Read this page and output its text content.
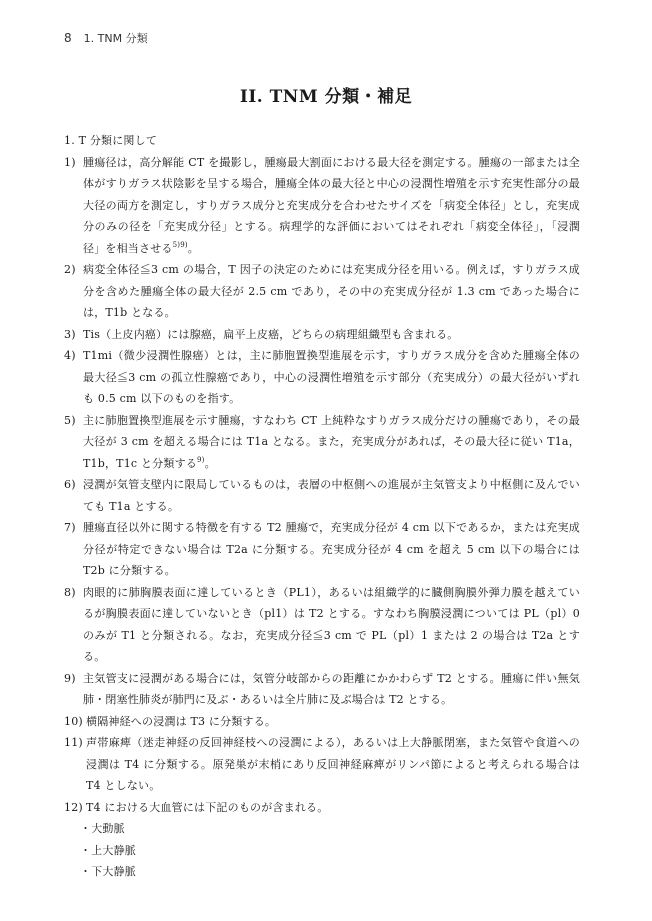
8 1. TNM 分類
II. TNM 分類・補足

1. T 分類に関して

1) 腫瘍径は，高分解能 CT を撮影し，腫瘍最大割面における最大径を測定する。腫瘍の一部または全体がすりガラス状陰影を呈する場合，腫瘍全体の最大径と中心の浸潤性増殖を示す充実性部分の最大径の両方を測定し，すりガラス成分と充実成分を合わせたサイズを「病変全体径」とし，充実成分のみの径を「充実成分径」とする。病理学的な評価においてはそれぞれ「病変全体径」，「浸潤径」を相当させる$^{5)9)}$。
2) 病変全体径≦3 cm の場合，T 因子の決定のためには充実成分径を用いる。例えば，すりガラス成分を含めた腫瘍全体の最大径が 2.5 cm であり，その中の充実成分径が 1.3 cm であった場合には，T1b となる。
3) Tis（上皮内癌）には腺癌，扁平上皮癌，どちらの病理組織型も含まれる。
4) T1mi（微少浸潤性腺癌）とは，主に肺胞置換型進展を示す，すりガラス成分を含めた腫瘍全体の最大径≦3 cm の孤立性腺癌であり，中心の浸潤性増殖を示す部分（充実成分）の最大径がいずれも 0.5 cm 以下のものを指す。
5) 主に肺胞置換型進展を示す腫瘍，すなわち CT 上純粋なすりガラス成分だけの腫瘍であり，その最大径が 3 cm を超える場合には T1a となる。また，充実成分があれば，その最大径に従い T1a，T1b，T1c と分類する$^{9)}$。
6) 浸潤が気管支壁内に限局しているものは，表層の中枢側への進展が主気管支より中枢側に及んでいても T1a とする。
7) 腫瘍直径以外に関する特徴を有する T2 腫瘍で，充実成分径が 4 cm 以下であるか，または充実成分径が特定できない場合は T2a に分類する。充実成分径が 4 cm を超え 5 cm 以下の場合には T2b に分類する。
8) 肉眼的に肺胸膜表面に達しているとき（PL1），あるいは組織学的に臓側胸膜外弾力膜を越えているが胸膜表面に達していないとき（pl1）は T2 とする。すなわち胸膜浸潤については PL（pl）0 のみが T1 と分類される。なお，充実成分径≦3 cm で PL（pl）1 または 2 の場合は T2a とする。
9) 主気管支に浸潤がある場合には，気管分岐部からの距離にかかわらず T2 とする。腫瘍に伴い無気肺・閉塞性肺炎が肺門に及ぶ・あるいは全片肺に及ぶ場合は T2 とする。
10) 横隔神経への浸潤は T3 に分類する。
11) 声帯麻痺（迷走神経の反回神経枝への浸潤による），あるいは上大静脈閉塞，また気管や食道への浸潤は T4 に分類する。原発巣が末梢にあり反回神経麻痺がリンパ節によると考えられる場合は T4 としない。
12) T4 における大血管には下記のものが含まれる。
・大動脈
・上大静脈
・下大静脈
